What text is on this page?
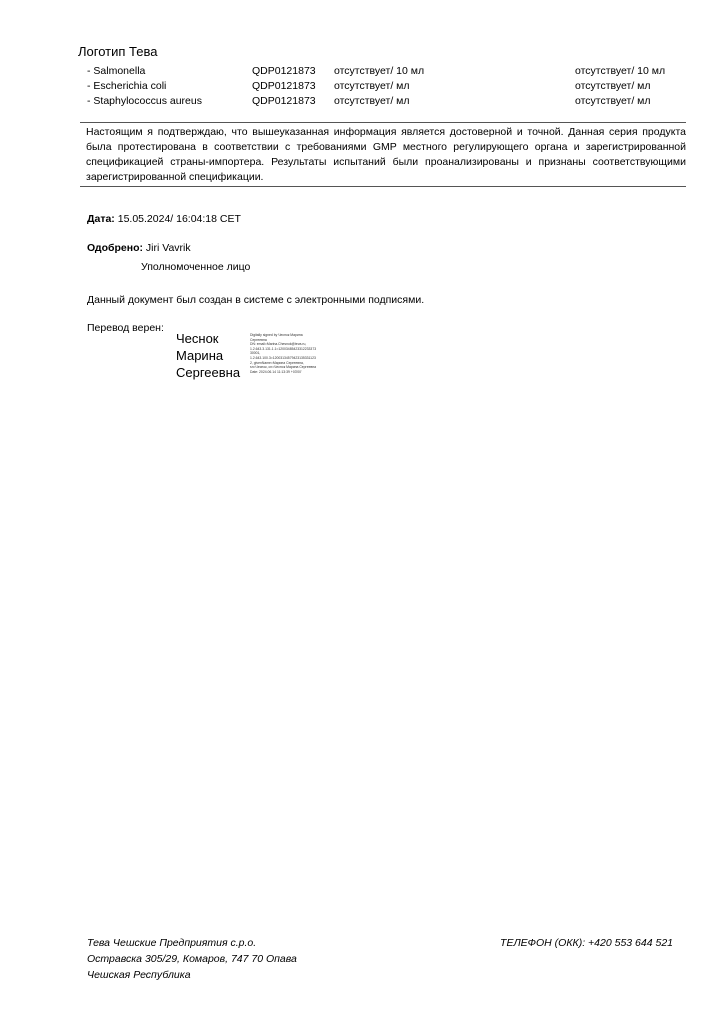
Логотип Тева
- Salmonella	QDP0121873 отсутствует/ 10 мл	отсутствует/ 10 мл
- Escherichia coli	QDP0121873 отсутствует/ мл	отсутствует/ мл
- Staphylococcus aureus	QDP0121873 отсутствует/ мл	отсутствует/ мл
Настоящим я подтверждаю, что вышеуказанная информация является достоверной и точной. Данная серия продукта была протестирована в соответствии с требованиями GMP местного регулирующего органа и зарегистрированной спецификацией страны-импортера. Результаты испытаний были проанализированы и признаны соответствующими зарегистрированной спецификации.
Дата: 15.05.2024/ 16:04:18 CET
Одобрено: Jiri Vavrik
Уполномоченное лицо
Данный документ был создан в системе с электронными подписями.
Перевод верен:
Чеснок
Марина
Сергеевна
Digitally signed by Чеснок Марина
Сергеевна
DN: email=Marina.Chesnok@teva.ru,
1.2.643.3.131.1.1=12003485423312233373
30001,
1.2.643.100.3=12003134579423135331123
2, givenName=Марина Сергеевна,
sn=Чеснок, cn=Чеснок Марина Сергеевна
Date: 2024.06.14 11:13:39 +03'00'
Тева Чешские Предприятия с.р.о.
Остравска 305/29, Комаров, 747 70 Опава
Чешская Республика
ТЕЛЕФОН (ОКК): +420 553 644 521
